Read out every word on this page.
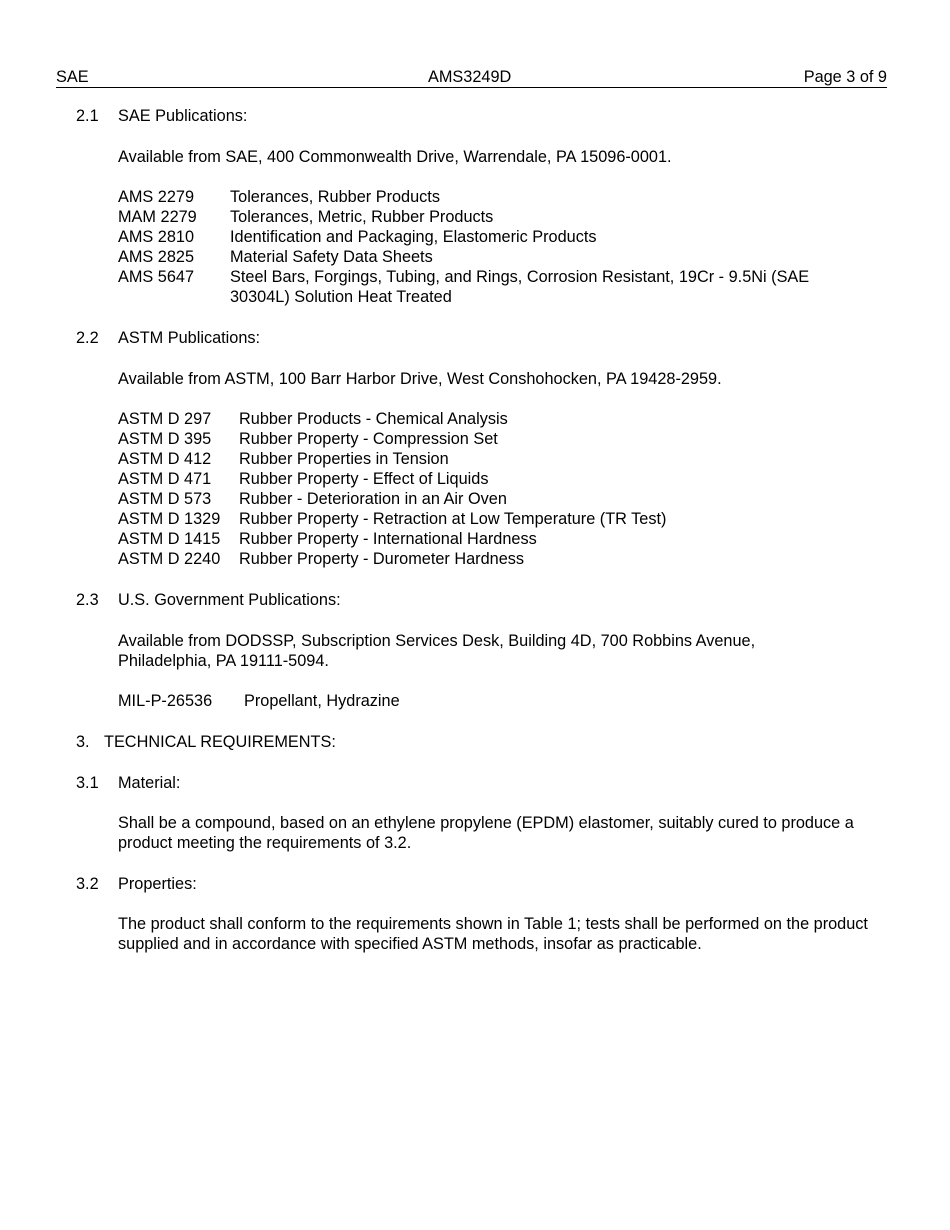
SAE	AMS3249D	Page 3 of 9
2.1 SAE Publications:
Available from SAE, 400 Commonwealth Drive, Warrendale, PA 15096-0001.
AMS 2279 Tolerances, Rubber Products
MAM 2279 Tolerances, Metric, Rubber Products
AMS 2810 Identification and Packaging, Elastomeric Products
AMS 2825 Material Safety Data Sheets
AMS 5647 Steel Bars, Forgings, Tubing, and Rings, Corrosion Resistant, 19Cr - 9.5Ni (SAE 30304L) Solution Heat Treated
2.2 ASTM Publications:
Available from ASTM, 100 Barr Harbor Drive, West Conshohocken, PA 19428-2959.
ASTM D 297 Rubber Products - Chemical Analysis
ASTM D 395 Rubber Property - Compression Set
ASTM D 412 Rubber Properties in Tension
ASTM D 471 Rubber Property - Effect of Liquids
ASTM D 573 Rubber - Deterioration in an Air Oven
ASTM D 1329 Rubber Property - Retraction at Low Temperature (TR Test)
ASTM D 1415 Rubber Property - International Hardness
ASTM D 2240 Rubber Property - Durometer Hardness
2.3 U.S. Government Publications:
Available from DODSSP, Subscription Services Desk, Building 4D, 700 Robbins Avenue, Philadelphia, PA 19111-5094.
MIL-P-26536 Propellant, Hydrazine
3. TECHNICAL REQUIREMENTS:
3.1 Material:
Shall be a compound, based on an ethylene propylene (EPDM) elastomer, suitably cured to produce a product meeting the requirements of 3.2.
3.2 Properties:
The product shall conform to the requirements shown in Table 1; tests shall be performed on the product supplied and in accordance with specified ASTM methods, insofar as practicable.
